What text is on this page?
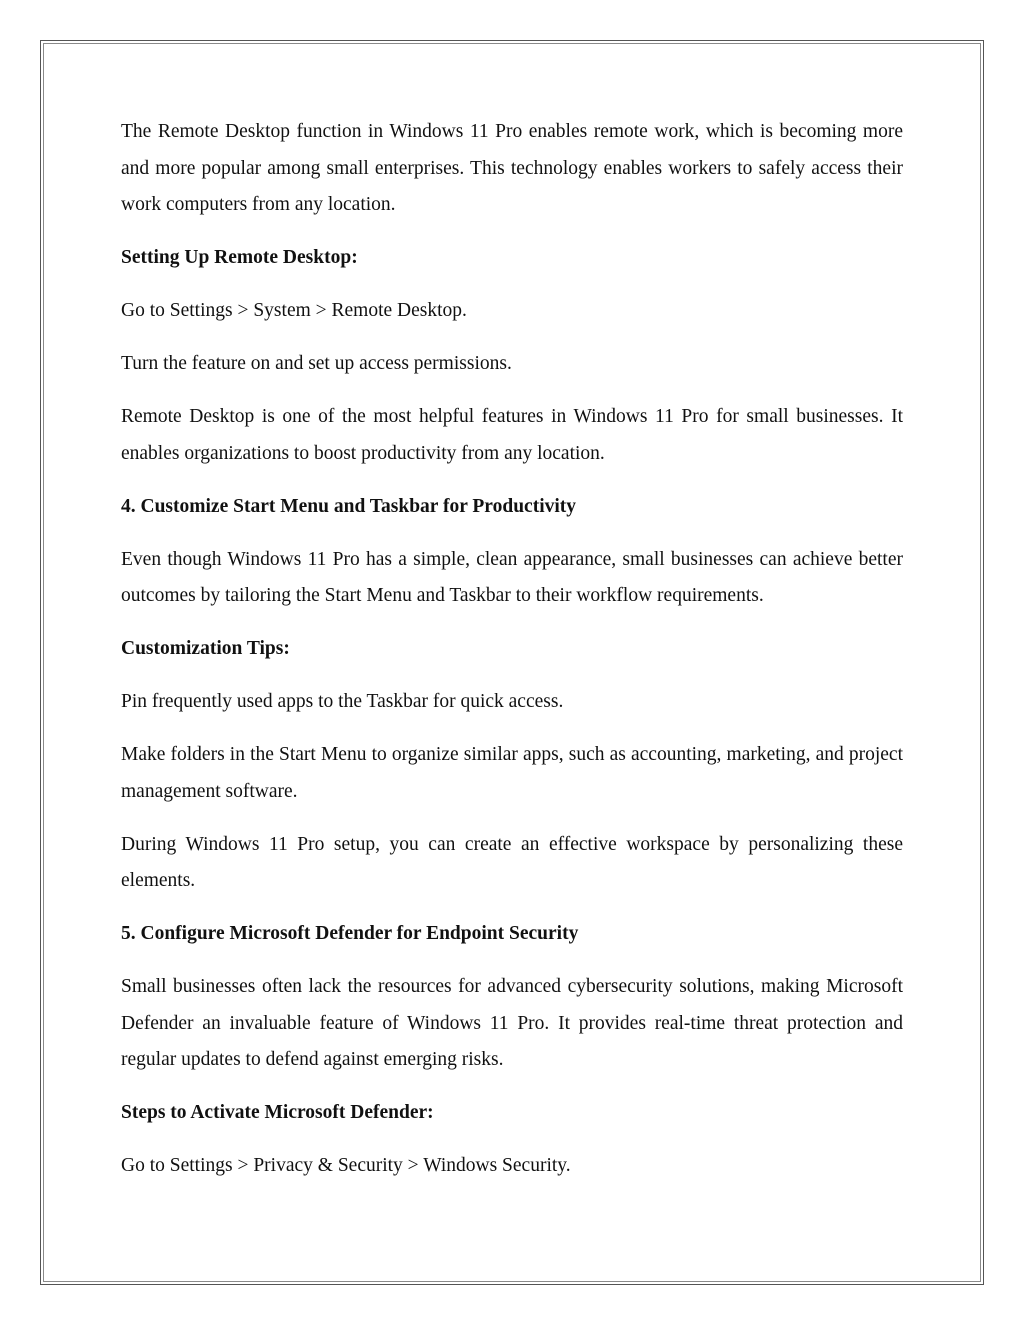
The Remote Desktop function in Windows 11 Pro enables remote work, which is becoming more and more popular among small enterprises. This technology enables workers to safely access their work computers from any location.

Setting Up Remote Desktop:

Go to Settings > System > Remote Desktop.

Turn the feature on and set up access permissions.

Remote Desktop is one of the most helpful features in Windows 11 Pro for small businesses. It enables organizations to boost productivity from any location.

4. Customize Start Menu and Taskbar for Productivity

Even though Windows 11 Pro has a simple, clean appearance, small businesses can achieve better outcomes by tailoring the Start Menu and Taskbar to their workflow requirements.

Customization Tips:

Pin frequently used apps to the Taskbar for quick access.

Make folders in the Start Menu to organize similar apps, such as accounting, marketing, and project management software.

During Windows 11 Pro setup, you can create an effective workspace by personalizing these elements.

5. Configure Microsoft Defender for Endpoint Security

Small businesses often lack the resources for advanced cybersecurity solutions, making Microsoft Defender an invaluable feature of Windows 11 Pro. It provides real-time threat protection and regular updates to defend against emerging risks.

Steps to Activate Microsoft Defender:

Go to Settings > Privacy & Security > Windows Security.
